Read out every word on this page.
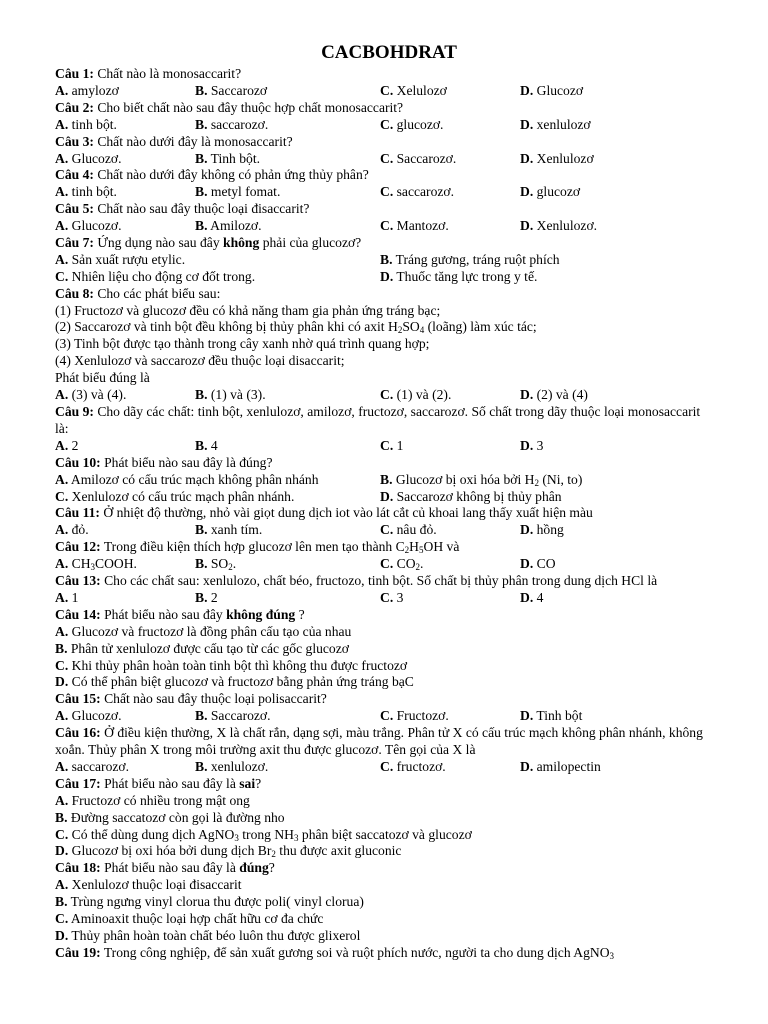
CACBOHDRAT
Câu 1: Chất nào là monosaccarit?
A. amylozơ	B. Saccarozơ	C. Xelulozơ	D. Glucozơ
Câu 2: Cho biết chất nào sau đây thuộc hợp chất monosaccarit?
A. tinh bột.	B. saccarozơ.	C. glucozơ.	D. xenlulozơ
Câu 3: Chất nào dưới đây là monosaccarit?
A. Glucozơ.	B. Tinh bột.	C. Saccarozơ.	D. Xenlulozơ
Câu 4: Chất nào dưới đây không có phản ứng thủy phân?
A. tinh bột.	B. metyl fomat.	C. saccarozơ.	D. glucozơ
Câu 5: Chất nào sau đây thuộc loại đisaccarit?
A. Glucozơ.	B. Amilozơ.	C. Mantozơ.	D. Xenlulozơ.
Câu 7: Ứng dụng nào sau đây không phải của glucozơ?
A. Sản xuất rượu etylic.	B. Tráng gương, tráng ruột phích
C. Nhiên liệu cho động cơ đốt trong.	D. Thuốc tăng lực trong y tế.
Câu 8: Cho các phát biểu sau:
(1) Fructozơ và glucozơ đều có khả năng tham gia phản ứng tráng bạc;
(2) Saccarozơ và tinh bột đều không bị thủy phân khi có axit $H_2SO_4$ (loãng) làm xúc tác;
(3) Tinh bột được tạo thành trong cây xanh nhờ quá trình quang hợp;
(4) Xenlulozơ và saccarozơ đều thuộc loại disaccarit;
Phát biểu đúng là
A. (3) và (4).	B. (1) và (3).	C. (1) và (2).	D. (2) và (4)
Câu 9: Cho dãy các chất: tinh bột, xenlulozơ, amilozơ, fructozơ, saccarozơ. Số chất trong dãy thuộc loại monosaccarit là:
A. 2	B. 4	C. 1	D. 3
Câu 10: Phát biểu nào sau đây là đúng?
A. Amilozơ có cấu trúc mạch không phân nhánh	B. Glucozơ bị oxi hóa bởi $H_2$ (Ni, to)
C. Xenlulozơ có cấu trúc mạch phân nhánh.	D. Saccarozơ không bị thủy phân
Câu 11: Ở nhiệt độ thường, nhỏ vài giọt dung dịch iot vào lát cắt củ khoai lang thấy xuất hiện màu
A. đỏ.	B. xanh tím.	C. nâu đỏ.	D. hồng
Câu 12: Trong điều kiện thích hợp glucozơ lên men tạo thành $C_2H_5OH$ và
A. $CH_3COOH$.	B. $SO_2$.	C. $CO_2$.	D. CO
Câu 13: Cho các chất sau: xenlulozo, chất béo, fructozo, tinh bột. Số chất bị thủy phân trong dung dịch HCl là
A. 1	B. 2	C. 3	D. 4
Câu 14: Phát biểu nào sau đây không đúng ?
A. Glucozơ và fructozơ là đồng phân cấu tạo của nhau
B. Phân tử xenlulozơ được cấu tạo từ các gốc glucozơ
C. Khi thủy phân hoàn toàn tinh bột thì không thu được fructozơ
D. Có thể phân biệt glucozơ và fructozơ bằng phản ứng tráng bạC
Câu 15: Chất nào sau đây thuộc loại polisaccarit?
A. Glucozơ.	B. Saccarozơ.	C. Fructozơ.	D. Tinh bột
Câu 16: Ở điều kiện thường, X là chất rắn, dạng sợi, màu trắng. Phân tử X có cấu trúc mạch không phân nhánh, không xoắn. Thủy phân X trong môi trường axit thu được glucozơ. Tên gọi của X là
A. saccarozơ.	B. xenlulozơ.	C. fructozơ.	D. amilopectin
Câu 17: Phát biểu nào sau đây là sai?
A. Fructozơ có nhiều trong mật ong
B. Đường saccatozơ còn gọi là đường nho
C. Có thể dùng dung dịch AgNO$_3$ trong $NH_3$ phân biệt saccatozơ và glucozơ
D. Glucozơ bị oxi hóa bởi dung dịch $Br_2$ thu được axit gluconic
Câu 18: Phát biểu nào sau đây là đúng?
A. Xenlulozơ thuộc loại đisaccarit
B. Trùng ngưng vinyl clorua thu được poli( vinyl clorua)
C. Aminoaxit thuộc loại hợp chất hữu cơ đa chức
D. Thủy phân hoàn toàn chất béo luôn thu được glixerol
Câu 19: Trong công nghiệp, để sản xuất gương soi và ruột phích nước, người ta cho dung dịch AgNO$_3$
